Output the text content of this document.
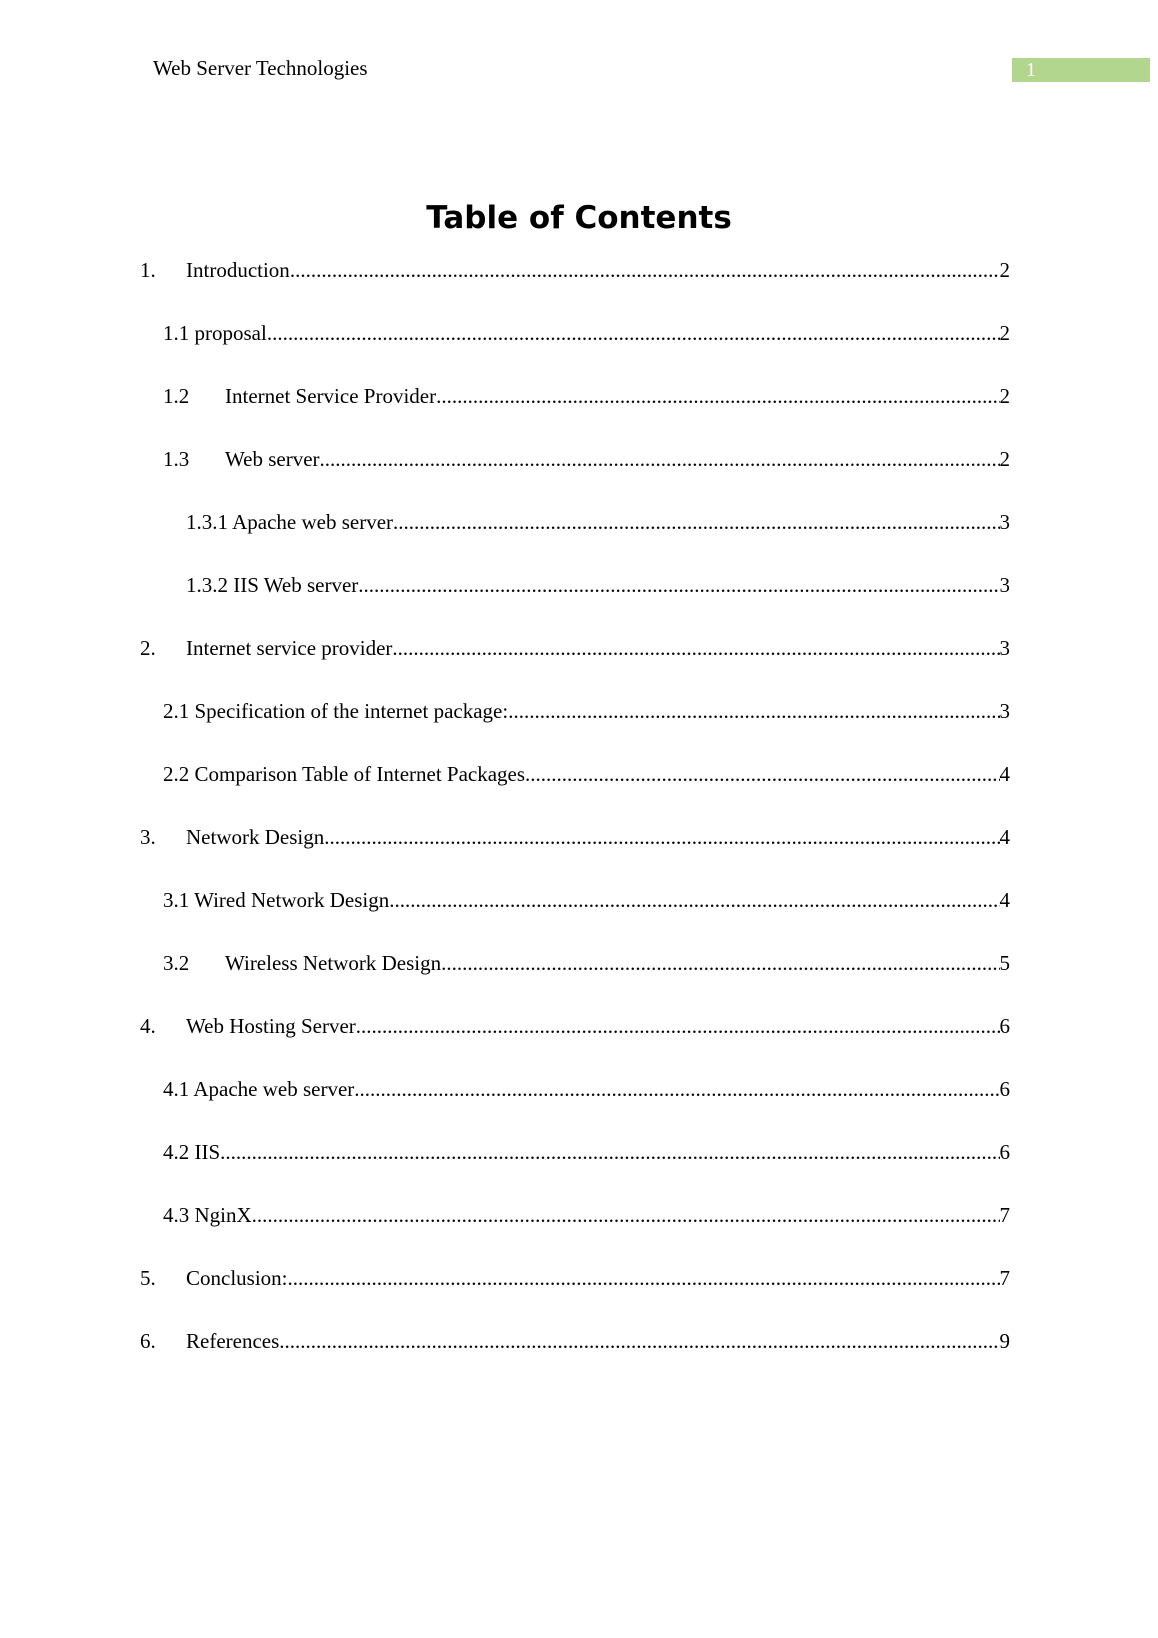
Web Server Technologies	1
Table of Contents
1.	Introduction .....	2
1.1 proposal .....	2
1.2	Internet Service Provider .....	2
1.3	Web server .....	2
1.3.1 Apache web server .....	3
1.3.2 IIS Web server .....	3
2.	Internet service provider .....	3
2.1 Specification of the internet package: .....	3
2.2 Comparison Table of Internet Packages .....	4
3.	Network Design .....	4
3.1 Wired Network Design .....	4
3.2	Wireless Network Design .....	5
4.	Web Hosting Server .....	6
4.1 Apache web server .....	6
4.2 IIS .....	6
4.3 NginX .....	7
5.	Conclusion: .....	7
6.	References .....	9
